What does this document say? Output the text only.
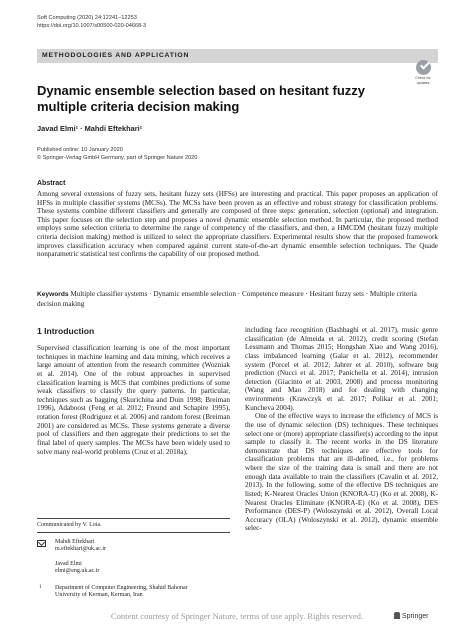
Soft Computing (2020) 24:12241–12253
https://doi.org/10.1007/s00500-020-04668-3
METHODOLOGIES AND APPLICATION
Check for
updates
Dynamic ensemble selection based on hesitant fuzzy multiple criteria decision making
Javad Elmi¹ · Mahdi Eftekhari¹
Published online: 10 January 2020
© Springer-Verlag GmbH Germany, part of Springer Nature 2020
Abstract
Among several extensions of fuzzy sets, hesitant fuzzy sets (HFSs) are interesting and practical. This paper proposes an application of HFSs in multiple classifier systems (MCSs). The MCSs have been proven as an effective and robust strategy for classification problems. These systems combine different classifiers and generally are composed of three steps: generation, selection (optional) and integration. This paper focuses on the selection step and proposes a novel dynamic ensemble selection method. In particular, the proposed method employs some selection criteria to determine the range of competency of the classifiers, and then, a HMCDM (hesitant fuzzy multiple criteria decision making) method is utilized to select the appropriate classifiers. Experimental results show that the proposed framework improves classification accuracy when compared against current state-of-the-art dynamic ensemble selection techniques. The Quade nonparametric statistical test confirms the capability of our proposed method.
Keywords Multiple classifier systems · Dynamic ensemble selection · Competence measure · Hesitant fuzzy sets · Multiple criteria decision making
1 Introduction

Supervised classification learning is one of the most important techniques in machine learning and data mining, which receives a large amount of attention from the research committee (Wozniak et al. 2014). One of the robust approaches in supervised classification learning is MCS that combines predictions of some weak classifiers to classify the query patterns. In particular, techniques such as bagging (Skurichina and Duin 1998; Breiman 1996), Adaboost (Feng et al. 2012; Freund and Schapire 1995), rotation forest (Rodriguez et al. 2006) and random forest (Breiman 2001) are considered as MCSs. These systems generate a diverse pool of classifiers and then aggregate their predictions to set the final label of query samples. The MCSs have been widely used to solve many real-world problems (Cruz et al. 2018a),

including face recognition (Bashbaghi et al. 2017), music genre classification (de Almeida et al. 2012), credit scoring (Stefan Lessmann and Thomas 2015; Hongshan Xiao and Wang 2016), class imbalanced learning (Galar et al. 2012), recommender system (Porcel et al. 2012; Jahrer et al. 2010), software bug prediction (Nucci et al. 2017; Panichella et al. 2014), intrusion detection (Giacinto et al. 2003, 2008) and process monitoring (Wang and Mao 2018) and for dealing with changing environments (Krawczyk et al. 2017; Polikar et al. 2001; Kuncheva 2004).

One of the effective ways to increase the efficiency of MCS is the use of dynamic selection (DS) techniques. These techniques select one or (more) appropriate classifier(s) according to the input sample to classify it. The recent works in the DS literature demonstrate that DS techniques are effective tools for classification problems that are ill-defined, i.e., for problems where the size of the training data is small and there are not enough data available to train the classifiers (Cavalin et al. 2012, 2013). In the following, some of the effective DS techniques are listed; K-Nearest Oracles Union (KNORA-U) (Ko et al. 2008), K-Nearest Oracles Eliminate (KNORA-E) (Ko et al. 2008), DES Performance (DES-P) (Woloszynski et al. 2012), Overall Local Accuracy (OLA) (Woloszynski et al. 2012), dynamic ensemble selec-

Communicated by V. Loia.
Mahdi Eftekhari
m.eftekhari@uk.ac.ir

Javad Elmi
elmi@eng.uk.ac.ir
1 Department of Computer Engineering, Shahid Bahonar
University of Kerman, Kerman, Iran
Springer
Content courtesy of Springer Nature, terms of use apply. Rights reserved.
